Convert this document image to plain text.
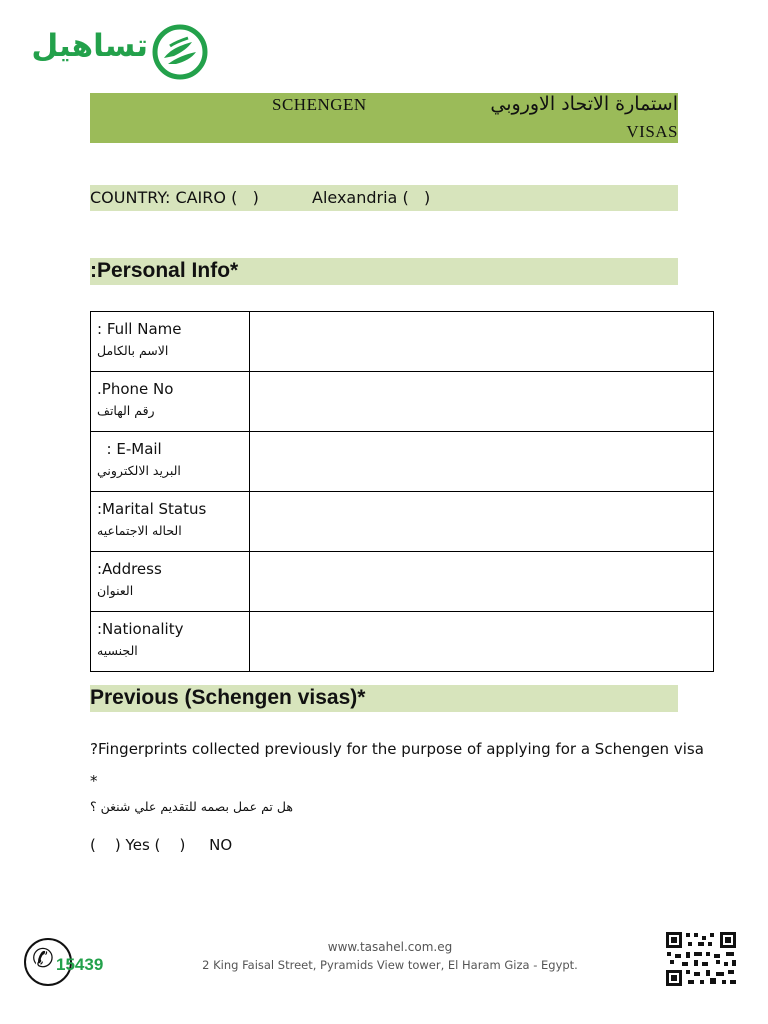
تساهيل
SCHENGEN	استمارة الاتحاد الاوروبي
VISAS
COUNTRY: CAIRO (   )	Alexandria (   )
:Personal Info*
: Full Name
الاسم بالكامل	

.Phone No
رقم الهاتف	

: E-Mail
البريد الالكتروني	

:Marital Status
الحاله الاجتماعيه	

:Address
العنوان	

:Nationality
الجنسيه	

Previous (Schengen visas)*
?Fingerprints collected previously for the purpose of applying for a Schengen visa
*
هل تم عمل بصمه للتقديم علي شنغن ؟
(    ) Yes (    )     NO
✆ 15439
www.tasahel.com.eg
2 King Faisal Street, Pyramids View tower, El Haram Giza - Egypt.
